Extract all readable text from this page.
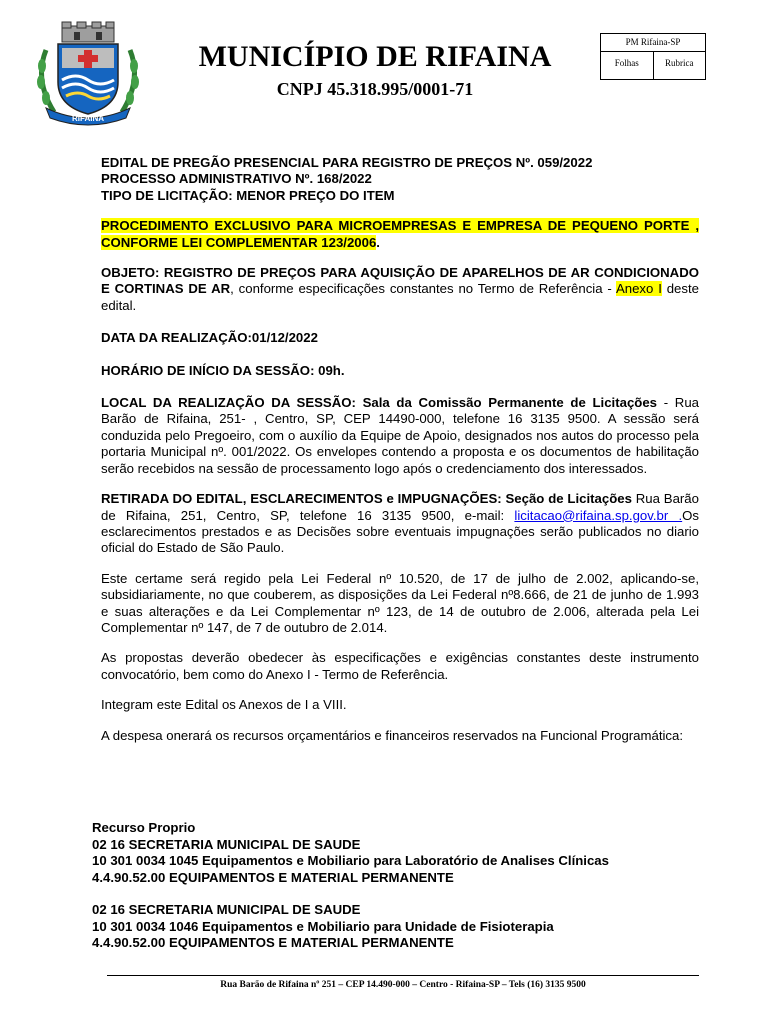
RIFAINA
MUNICÍPIO DE RIFAINA
CNPJ 45.318.995/0001-71
PM Rifaina-SP
Folhas	Rubrica

EDITAL DE PREGÃO PRESENCIAL PARA REGISTRO DE PREÇOS Nº. 059/2022

PROCESSO ADMINISTRATIVO Nº. 168/2022

TIPO DE LICITAÇÃO: MENOR PREÇO DO ITEM

PROCEDIMENTO EXCLUSIVO PARA MICROEMPRESAS E EMPRESA DE PEQUENO PORTE , CONFORME LEI COMPLEMENTAR 123/2006.

OBJETO: REGISTRO DE PREÇOS PARA AQUISIÇÃO DE APARELHOS DE AR CONDICIONADO E CORTINAS DE AR, conforme especificações constantes no Termo de Referência - Anexo I deste edital.

DATA DA REALIZAÇÃO:01/12/2022

HORÁRIO DE INÍCIO DA SESSÃO: 09h.

LOCAL DA REALIZAÇÃO DA SESSÃO: Sala da Comissão Permanente de Licitações - Rua Barão de Rifaina, 251- , Centro, SP, CEP 14490-000, telefone 16 3135 9500. A sessão será conduzida pelo Pregoeiro, com o auxílio da Equipe de Apoio, designados nos autos do processo pela portaria Municipal nº. 001/2022. Os envelopes contendo a proposta e os documentos de habilitação serão recebidos na sessão de processamento logo após o credenciamento dos interessados.

RETIRADA DO EDITAL, ESCLARECIMENTOS e IMPUGNAÇÕES: Seção de Licitações Rua Barão de Rifaina, 251, Centro, SP, telefone 16 3135 9500, e-mail: licitacao@rifaina.sp.gov.br .Os esclarecimentos prestados e as Decisões sobre eventuais impugnações serão publicados no diario oficial do Estado de São Paulo.

Este certame será regido pela Lei Federal nº 10.520, de 17 de julho de 2.002, aplicando-se, subsidiariamente, no que couberem, as disposições da Lei Federal nº8.666, de 21 de junho de 1.993 e suas alterações e da Lei Complementar nº 123, de 14 de outubro de 2.006, alterada pela Lei Complementar nº 147, de 7 de outubro de 2.014.

As propostas deverão obedecer às especificações e exigências constantes deste instrumento convocatório, bem como do Anexo I - Termo de Referência.

Integram este Edital os Anexos de I a VIII.

A despesa onerará os recursos orçamentários e financeiros reservados na Funcional Programática:

Recurso Proprio

02 16 SECRETARIA MUNICIPAL DE SAUDE

10 301 0034 1045 Equipamentos e Mobiliario para Laboratório de Analises Clínicas

4.4.90.52.00 EQUIPAMENTOS E MATERIAL PERMANENTE

02 16 SECRETARIA MUNICIPAL DE SAUDE

10 301 0034 1046 Equipamentos e Mobiliario para Unidade de Fisioterapia

4.4.90.52.00 EQUIPAMENTOS E MATERIAL PERMANENTE

Rua Barão de Rifaina nº 251 – CEP 14.490-000 – Centro - Rifaina-SP – Tels (16) 3135 9500
